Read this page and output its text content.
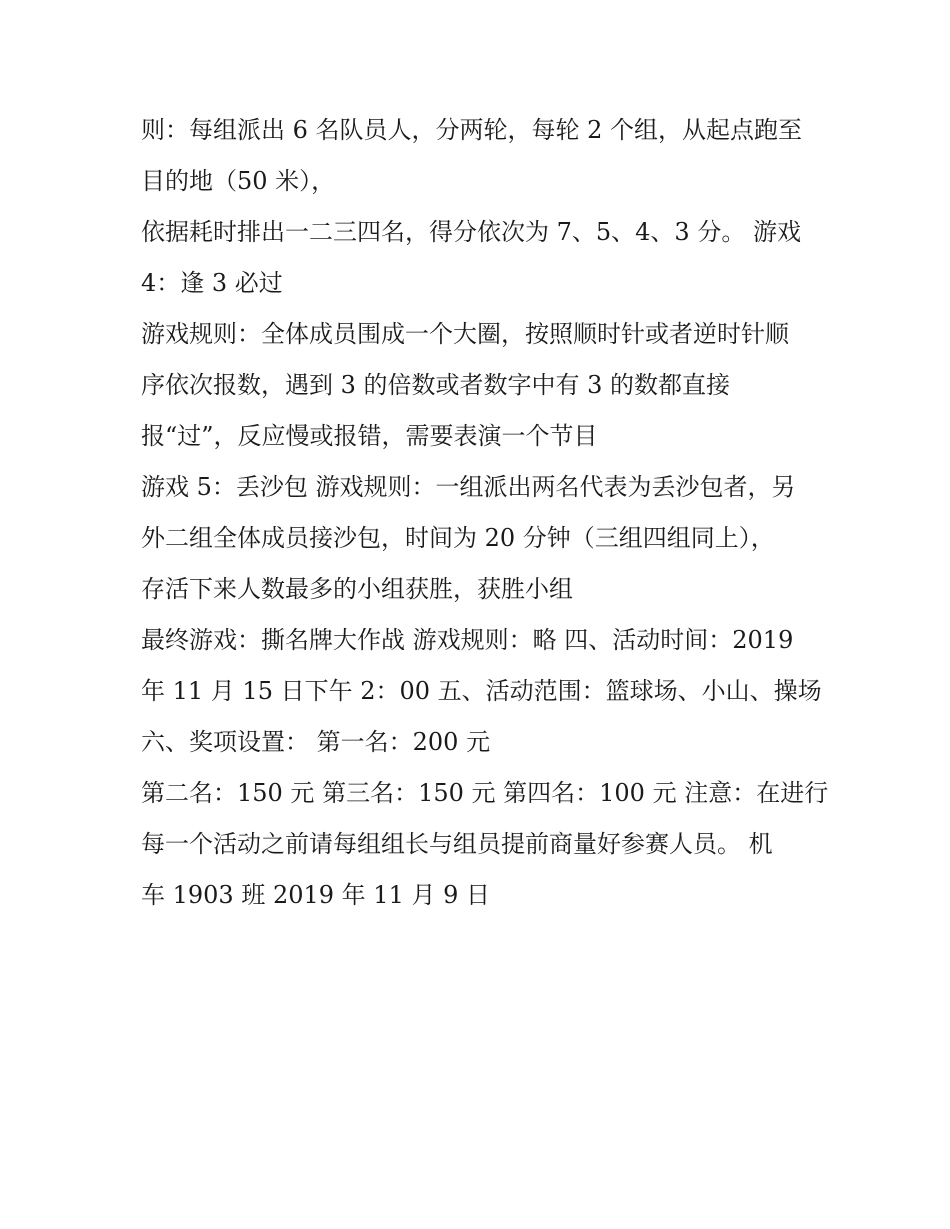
则：每组派出 6 名队员人，分两轮，每轮 2 个组，从起点跑至
目的地（50 米），
依据耗时排出一二三四名，得分依次为 7、5、4、3 分。 游戏
4：逢 3 必过
游戏规则：全体成员围成一个大圈，按照顺时针或者逆时针顺
序依次报数，遇到 3 的倍数或者数字中有 3 的数都直接
报“过”，反应慢或报错，需要表演一个节目
游戏 5：丢沙包 游戏规则：一组派出两名代表为丢沙包者，另
外二组全体成员接沙包，时间为 20 分钟（三组四组同上），
存活下来人数最多的小组获胜，获胜小组
最终游戏：撕名牌大作战 游戏规则：略 四、活动时间：2019
年 11 月 15 日下午 2：00 五、活动范围：篮球场、小山、操场
六、奖项设置： 第一名：200 元
第二名：150 元 第三名：150 元 第四名：100 元 注意：在进行
每一个活动之前请每组组长与组员提前商量好参赛人员。 机
车 1903 班 2019 年 11 月 9 日
